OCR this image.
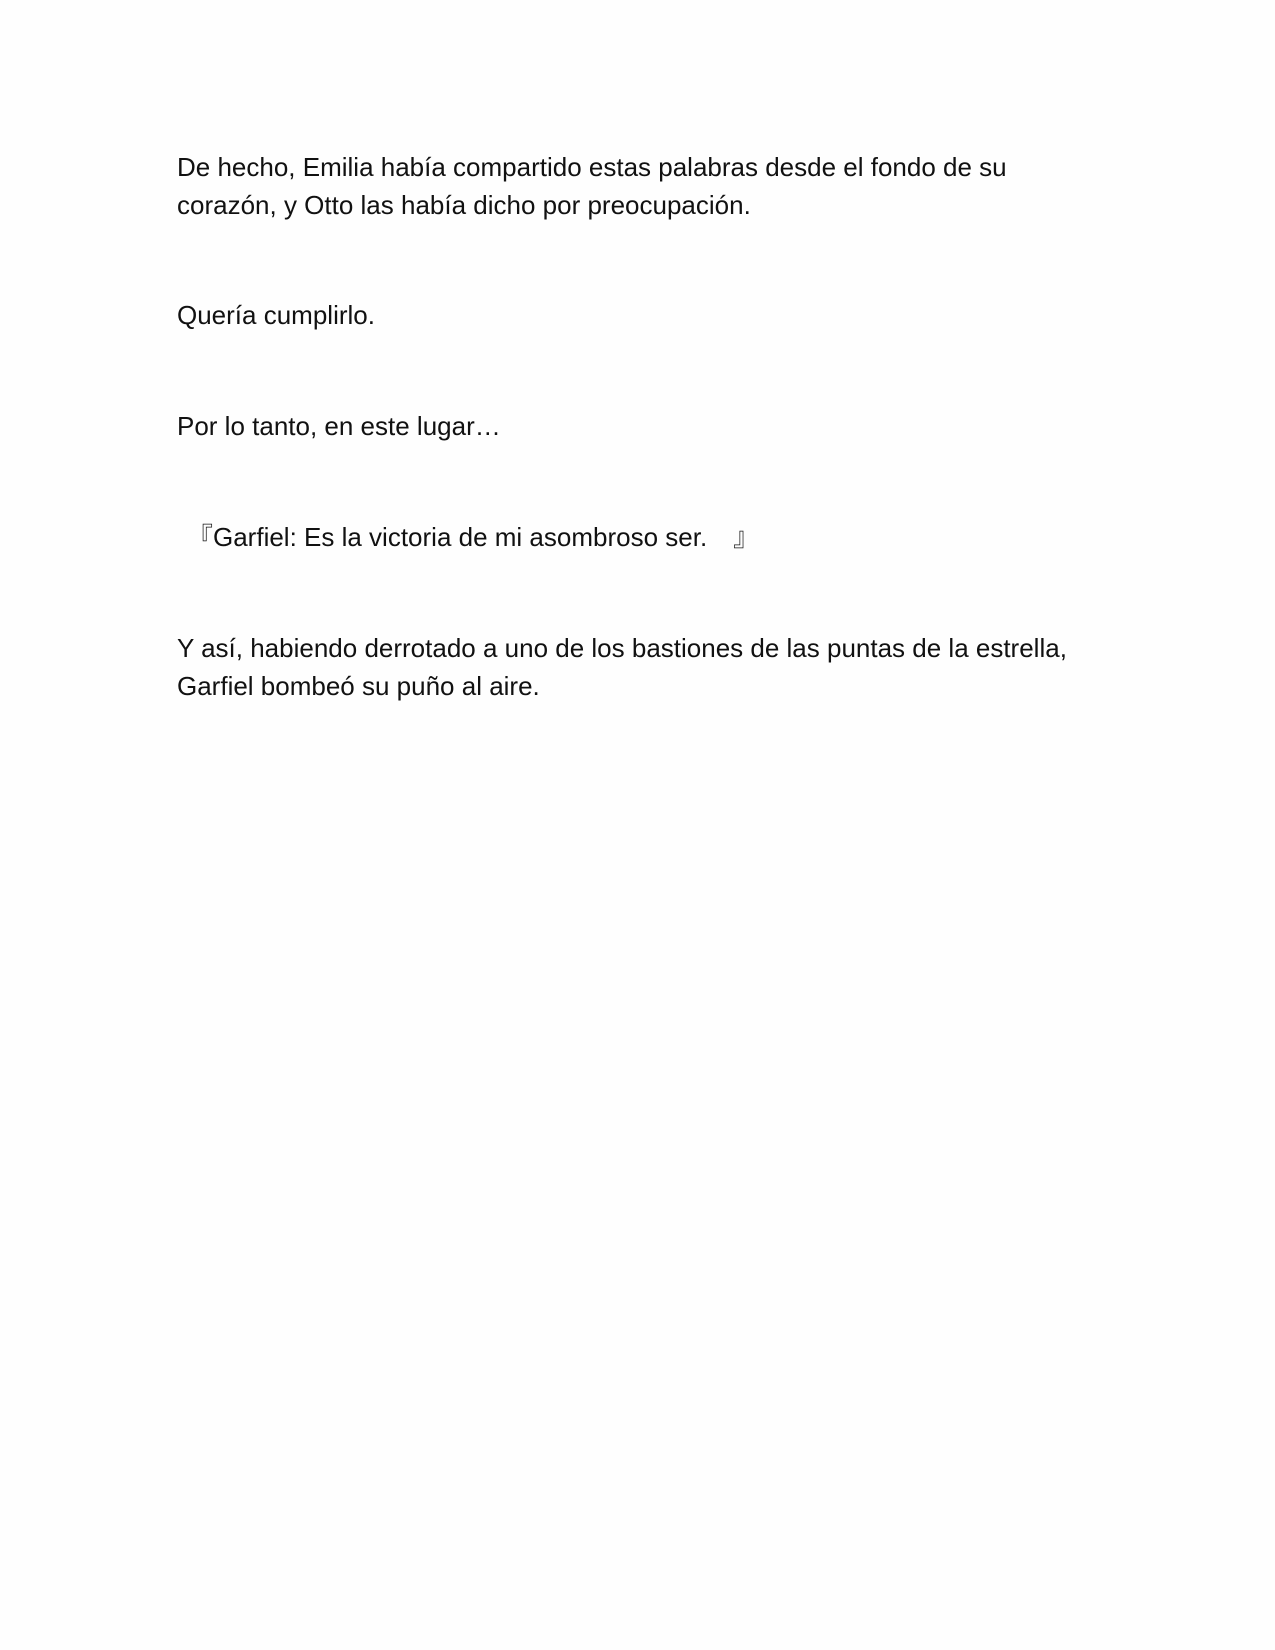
De hecho, Emilia había compartido estas palabras desde el fondo de su
corazón, y Otto las había dicho por preocupación.

Quería cumplirlo.

Por lo tanto, en este lugar…

『Garfiel: Es la victoria de mi asombroso ser.　』

Y así, habiendo derrotado a uno de los bastiones de las puntas de la estrella,
Garfiel bombeó su puño al aire.
